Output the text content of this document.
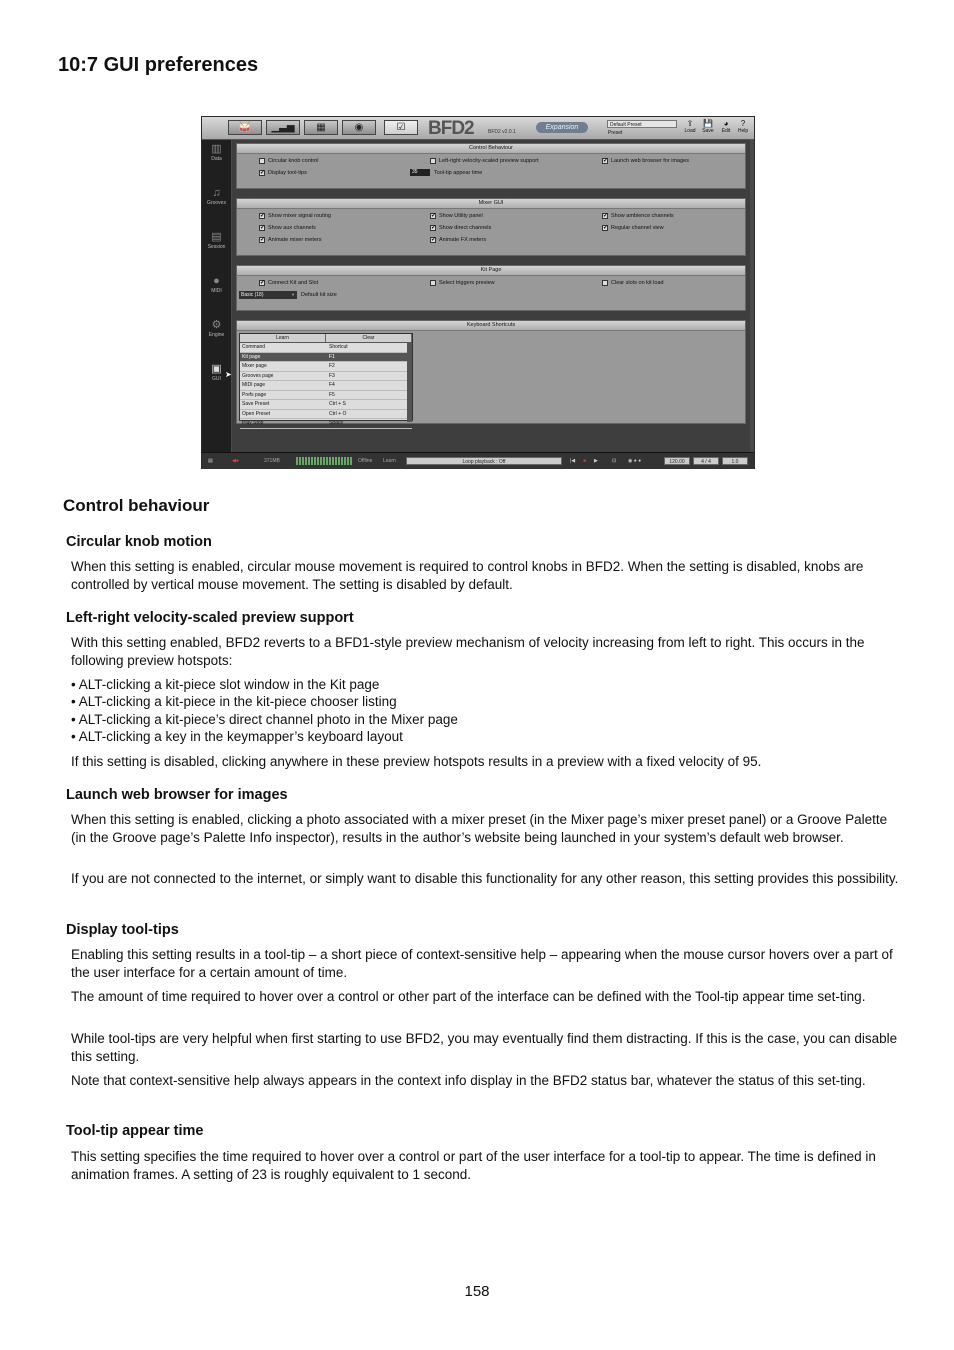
10:7 GUI preferences
🥁	▁▃▅	▦	◉	☑	BFD2	BFD2 v2.0.1
Expansion	Default Preset
Preset
⇪
Load
💾
Save
◕
Edit
?
Help
▥
Data
♫
Grooves
▤
Session
●
MIDI
⚙
Engine
▣
GUI ➤
Control Behaviour
Circular knob control	Left-right velocity-scaled preview support	✓ Launch web browser for images
✓ Display tool-tips	35	Tool-tip appear time
Mixer GUI
✓ Show mixer signal routing	✓ Show Utility panel	✓ Show ambience channels
✓ Show aux channels	✓ Show direct channels	✓ Regular channel view
✓ Animate mixer meters	✓ Animate FX meters
Kit Page
✓ Connect Kit and Slot	Select triggers preview	Clear slots on kit load
Basic (18) ▼	Default kit size
Keyboard Shortcuts
Learn	Clear
Command	Shortcut
Kit page	F1
Mixer page	F2
Grooves page	F3
MIDI page	F4
Prefs page	F5
Save Preset	Ctrl + S
Open Preset	Ctrl + O
Play Stop	Space
▤	◀●	371MB	Offline Learn	Loop playback : Off	|◀ ■ ▶	⊡ ◉ ● ●	120.00	4 / 4	1.0
Control behaviour
Circular knob motion

When this setting is enabled, circular mouse movement is required to control knobs in BFD2. When the setting is disabled, knobs are controlled by vertical mouse movement. The setting is disabled by default.

Left-right velocity-scaled preview support

With this setting enabled, BFD2 reverts to a BFD1-style preview mechanism of velocity increasing from left to right. This occurs in the following preview hotspots:

• ALT-clicking a kit-piece slot window in the Kit page
• ALT-clicking a kit-piece in the kit-piece chooser listing
• ALT-clicking a kit-piece’s direct channel photo in the Mixer page
• ALT-clicking a key in the keymapper’s keyboard layout

If this setting is disabled, clicking anywhere in these preview hotspots results in a preview with a fixed velocity of 95.

Launch web browser for images

When this setting is enabled, clicking a photo associated with a mixer preset (in the Mixer page’s mixer preset panel) or a Groove Palette (in the Groove page’s Palette Info inspector), results in the author’s website being launched in your system’s default web browser.

If you are not connected to the internet, or simply want to disable this functionality for any other reason, this setting provides this possibility.

Display tool-tips

Enabling this setting results in a tool-tip – a short piece of context-sensitive help – appearing when the mouse cursor hovers over a part of the user interface for a certain amount of time.

The amount of time required to hover over a control or other part of the interface can be defined with the Tool-tip appear time set-ting.

While tool-tips are very helpful when first starting to use BFD2, you may eventually find them distracting. If this is the case, you can disable this setting.

Note that context-sensitive help always appears in the context info display in the BFD2 status bar, whatever the status of this set-ting.

Tool-tip appear time

This setting specifies the time required to hover over a control or part of the user interface for a tool-tip to appear. The time is defined in animation frames. A setting of 23 is roughly equivalent to 1 second.

158
